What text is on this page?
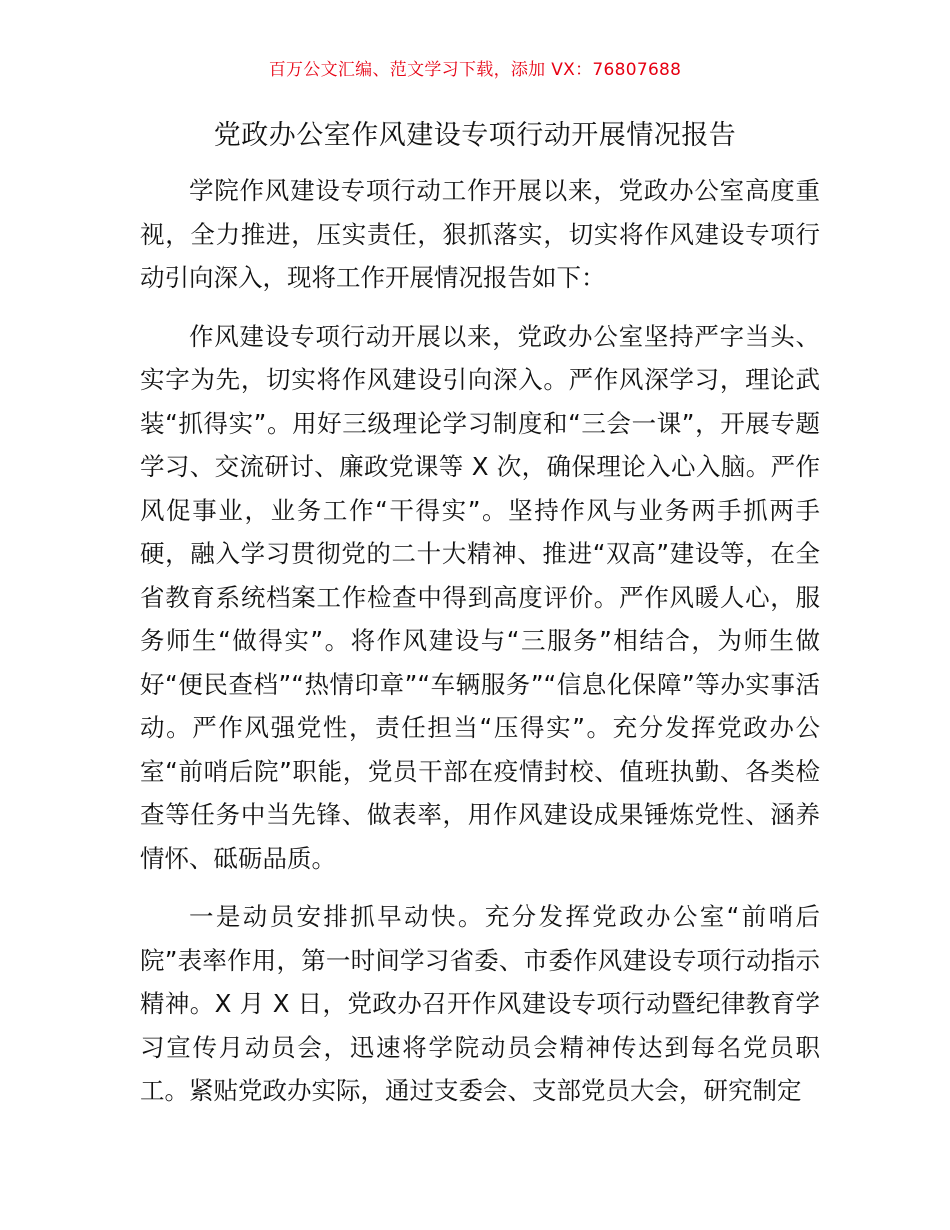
百万公文汇编、范文学习下载，添加 VX：76807688
党政办公室作风建设专项行动开展情况报告

学院作风建设专项行动工作开展以来，党政办公室高度重视，全力推进，压实责任，狠抓落实，切实将作风建设专项行动引向深入，现将工作开展情况报告如下：

作风建设专项行动开展以来，党政办公室坚持严字当头、实字为先，切实将作风建设引向深入。严作风深学习，理论武装“抓得实”。用好三级理论学习制度和“三会一课”，开展专题学习、交流研讨、廉政党课等 X 次，确保理论入心入脑。严作风促事业，业务工作“干得实”。坚持作风与业务两手抓两手硬，融入学习贯彻党的二十大精神、推进“双高”建设等，在全省教育系统档案工作检查中得到高度评价。严作风暖人心，服务师生“做得实”。将作风建设与“三服务”相结合，为师生做好“便民查档”“热情印章”“车辆服务”“信息化保障”等办实事活动。严作风强党性，责任担当“压得实”。充分发挥党政办公室“前哨后院”职能，党员干部在疫情封校、值班执勤、各类检查等任务中当先锋、做表率，用作风建设成果锤炼党性、涵养情怀、砥砺品质。

一是动员安排抓早动快。充分发挥党政办公室“前哨后院”表率作用，第一时间学习省委、市委作风建设专项行动指示精神。X 月 X 日，党政办召开作风建设专项行动暨纪律教育学习宣传月动员会，迅速将学院动员会精神传达到每名党员职工。紧贴党政办实际，通过支委会、支部党员大会，研究制定
